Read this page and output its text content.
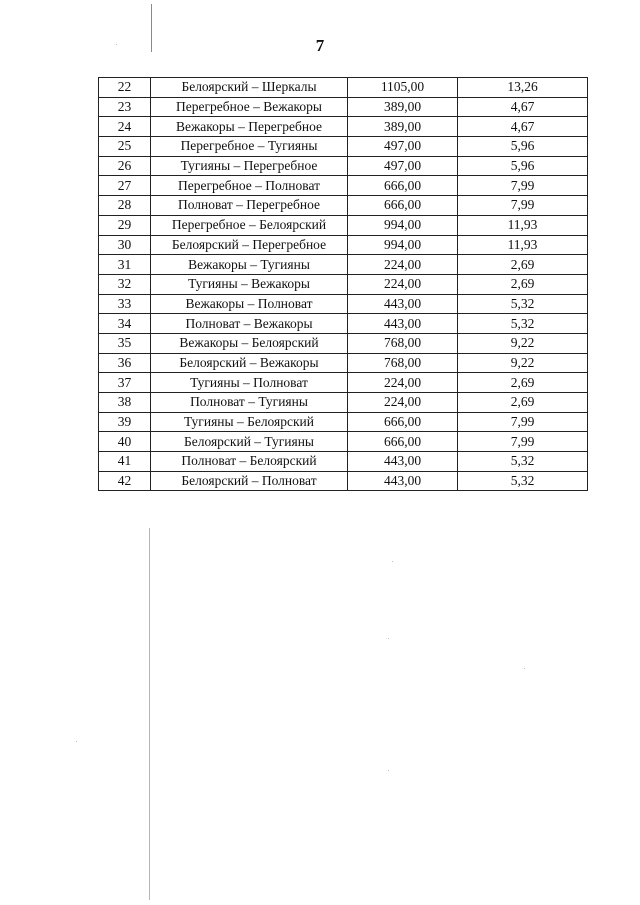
7
22	Белоярский – Шеркалы	1105,00	13,26
23	Перегребное – Вежакоры	389,00	4,67
24	Вежакоры – Перегребное	389,00	4,67
25	Перегребное – Тугияны	497,00	5,96
26	Тугияны – Перегребное	497,00	5,96
27	Перегребное – Полноват	666,00	7,99
28	Полноват – Перегребное	666,00	7,99
29	Перегребное – Белоярский	994,00	11,93
30	Белоярский – Перегребное	994,00	11,93
31	Вежакоры – Тугияны	224,00	2,69
32	Тугияны – Вежакоры	224,00	2,69
33	Вежакоры – Полноват	443,00	5,32
34	Полноват – Вежакоры	443,00	5,32
35	Вежакоры – Белоярский	768,00	9,22
36	Белоярский – Вежакоры	768,00	9,22
37	Тугияны – Полноват	224,00	2,69
38	Полноват – Тугияны	224,00	2,69
39	Тугияны – Белоярский	666,00	7,99
40	Белоярский – Тугияны	666,00	7,99
41	Полноват – Белоярский	443,00	5,32
42	Белоярский – Полноват	443,00	5,32
